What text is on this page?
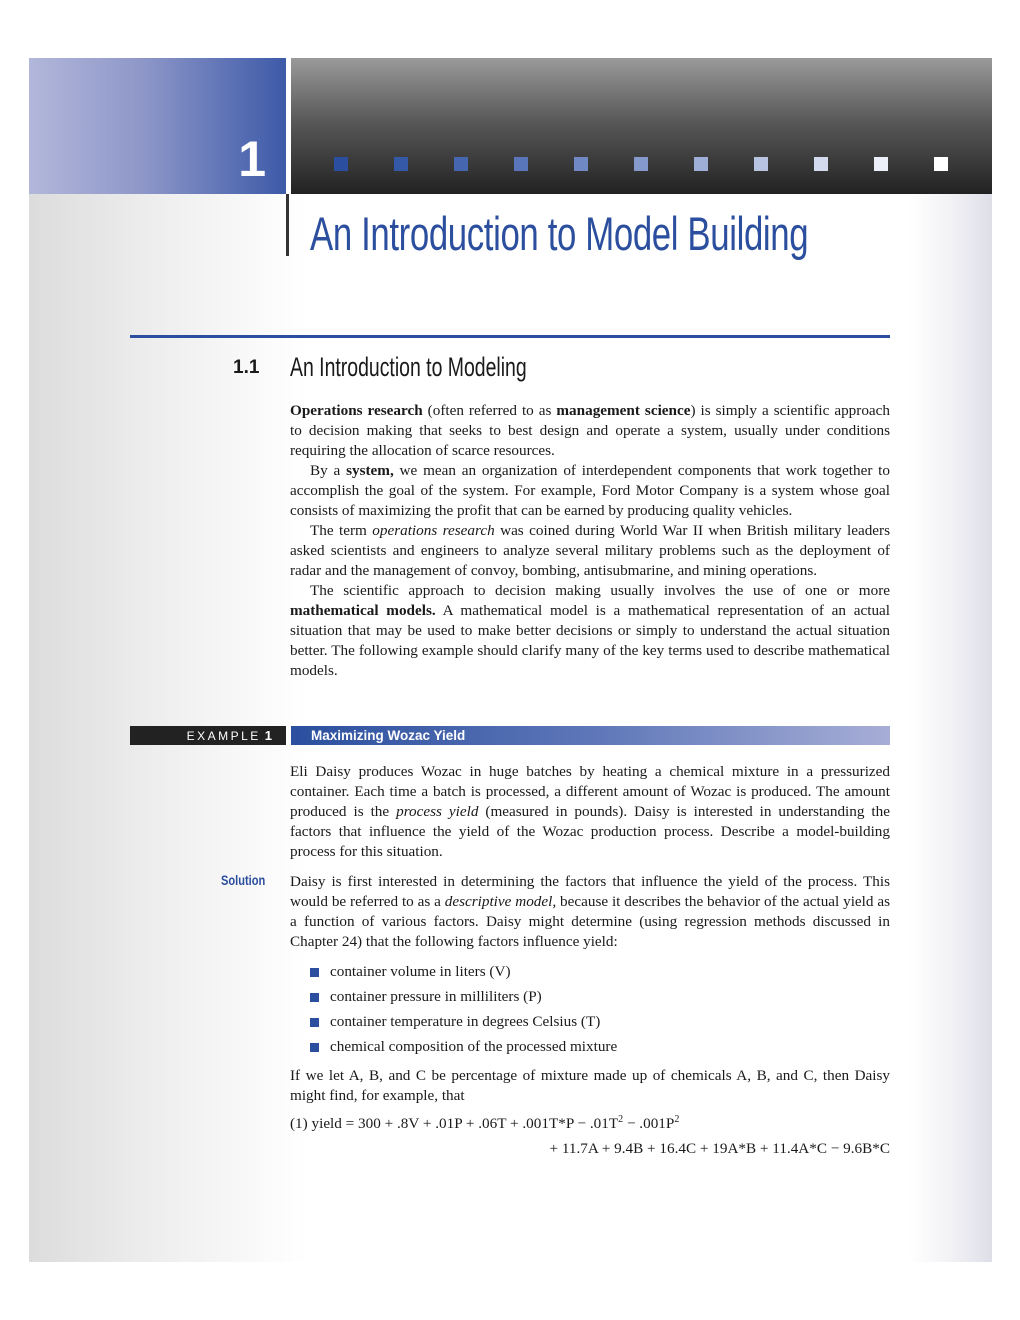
1
An Introduction to Model Building
1.1 An Introduction to Modeling

Operations research (often referred to as management science) is simply a scientific approach to decision making that seeks to best design and operate a system, usually under conditions requiring the allocation of scarce resources.

By a system, we mean an organization of interdependent components that work together to accomplish the goal of the system. For example, Ford Motor Company is a system whose goal consists of maximizing the profit that can be earned by producing quality vehicles.

The term operations research was coined during World War II when British military leaders asked scientists and engineers to analyze several military problems such as the deployment of radar and the management of convoy, bombing, antisubmarine, and mining operations.

The scientific approach to decision making usually involves the use of one or more mathematical models. A mathematical model is a mathematical representation of an actual situation that may be used to make better decisions or simply to understand the actual situation better. The following example should clarify many of the key terms used to describe mathematical models.

EXAMPLE 1	Maximizing Wozac Yield

Eli Daisy produces Wozac in huge batches by heating a chemical mixture in a pressurized container. Each time a batch is processed, a different amount of Wozac is produced. The amount produced is the process yield (measured in pounds). Daisy is interested in understanding the factors that influence the yield of the Wozac production process. Describe a model-building process for this situation.

Solution Daisy is first interested in determining the factors that influence the yield of the process. This would be referred to as a descriptive model, because it describes the behavior of the actual yield as a function of various factors. Daisy might determine (using regression methods discussed in Chapter 24) that the following factors influence yield:

container volume in liters (V)
container pressure in milliliters (P)
container temperature in degrees Celsius (T)
chemical composition of the processed mixture

If we let A, B, and C be percentage of mixture made up of chemicals A, B, and C, then Daisy might find, for example, that

(1) yield = $300 + .8V + .01P + .06T + .001T*P - .01T^2 - .001P^2$
+ 11.7A + 9.4B + 16.4C + 19A*B + 11.4A*C − 9.6B*C
